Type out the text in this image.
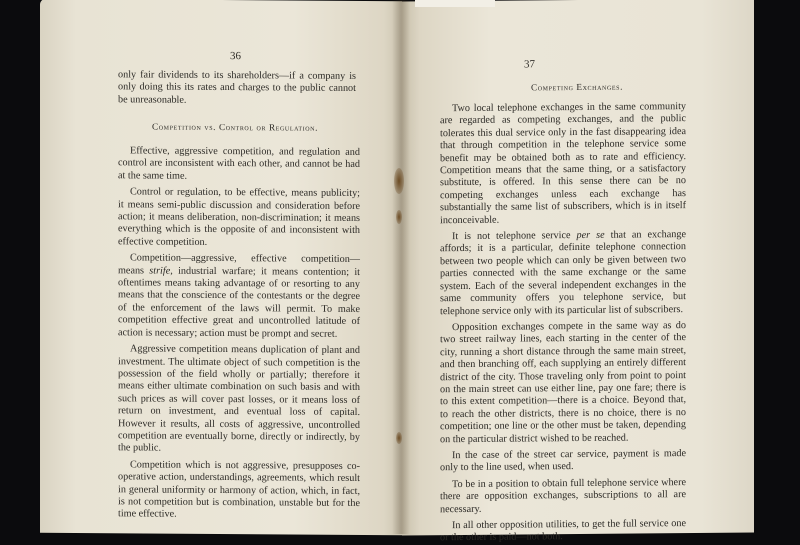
36

only fair dividends to its shareholders—if a company is only doing this its rates and charges to the public cannot be unreasonable.

Competition vs. Control or Regulation.

Effective, aggressive competition, and regulation and control are inconsistent with each other, and cannot be had at the same time.

Control or regulation, to be effective, means publicity; it means semi-public discussion and consideration before action; it means deliberation, non-discrimination; it means everything which is the opposite of and inconsistent with effective competition.

Competition—aggressive, effective competition—means strife, industrial warfare; it means contention; it oftentimes means taking advantage of or resorting to any means that the conscience of the contestants or the degree of the enforcement of the laws will permit. To make competition effective great and uncontrolled latitude of action is necessary; action must be prompt and secret.

Aggressive competition means duplication of plant and investment. The ultimate object of such competition is the possession of the field wholly or partially; therefore it means either ultimate combination on such basis and with such prices as will cover past losses, or it means loss of return on investment, and eventual loss of capital. However it results, all costs of aggressive, uncontrolled competition are eventually borne, directly or indirectly, by the public.

Competition which is not aggressive, presupposes co-operative action, understandings, agreements, which result in general uniformity or harmony of action, which, in fact, is not competition but is combination, unstable but for the time effective.

37
Competing Exchanges.

Two local telephone exchanges in the same community are regarded as competing exchanges, and the public tolerates this dual service only in the fast disappearing idea that through competition in the telephone service some benefit may be obtained both as to rate and efficiency. Competition means that the same thing, or a satisfactory substitute, is offered. In this sense there can be no competing exchanges unless each exchange has substantially the same list of subscribers, which is in itself inconceivable.

It is not telephone service per se that an exchange affords; it is a particular, definite telephone connection between two people which can only be given between two parties connected with the same exchange or the same system. Each of the several independent exchanges in the same community offers you telephone service, but telephone service only with its particular list of subscribers.

Opposition exchanges compete in the same way as do two street railway lines, each starting in the center of the city, running a short distance through the same main street, and then branching off, each supplying an entirely different district of the city. Those traveling only from point to point on the main street can use either line, pay one fare; there is to this extent competition—there is a choice. Beyond that, to reach the other districts, there is no choice, there is no competition; one line or the other must be taken, depending on the particular district wished to be reached.

In the case of the street car service, payment is made only to the line used, when used.

To be in a position to obtain full telephone service where there are opposition exchanges, subscriptions to all are necessary.

In all other opposition utilities, to get the full service one or the other is paid—not both.
